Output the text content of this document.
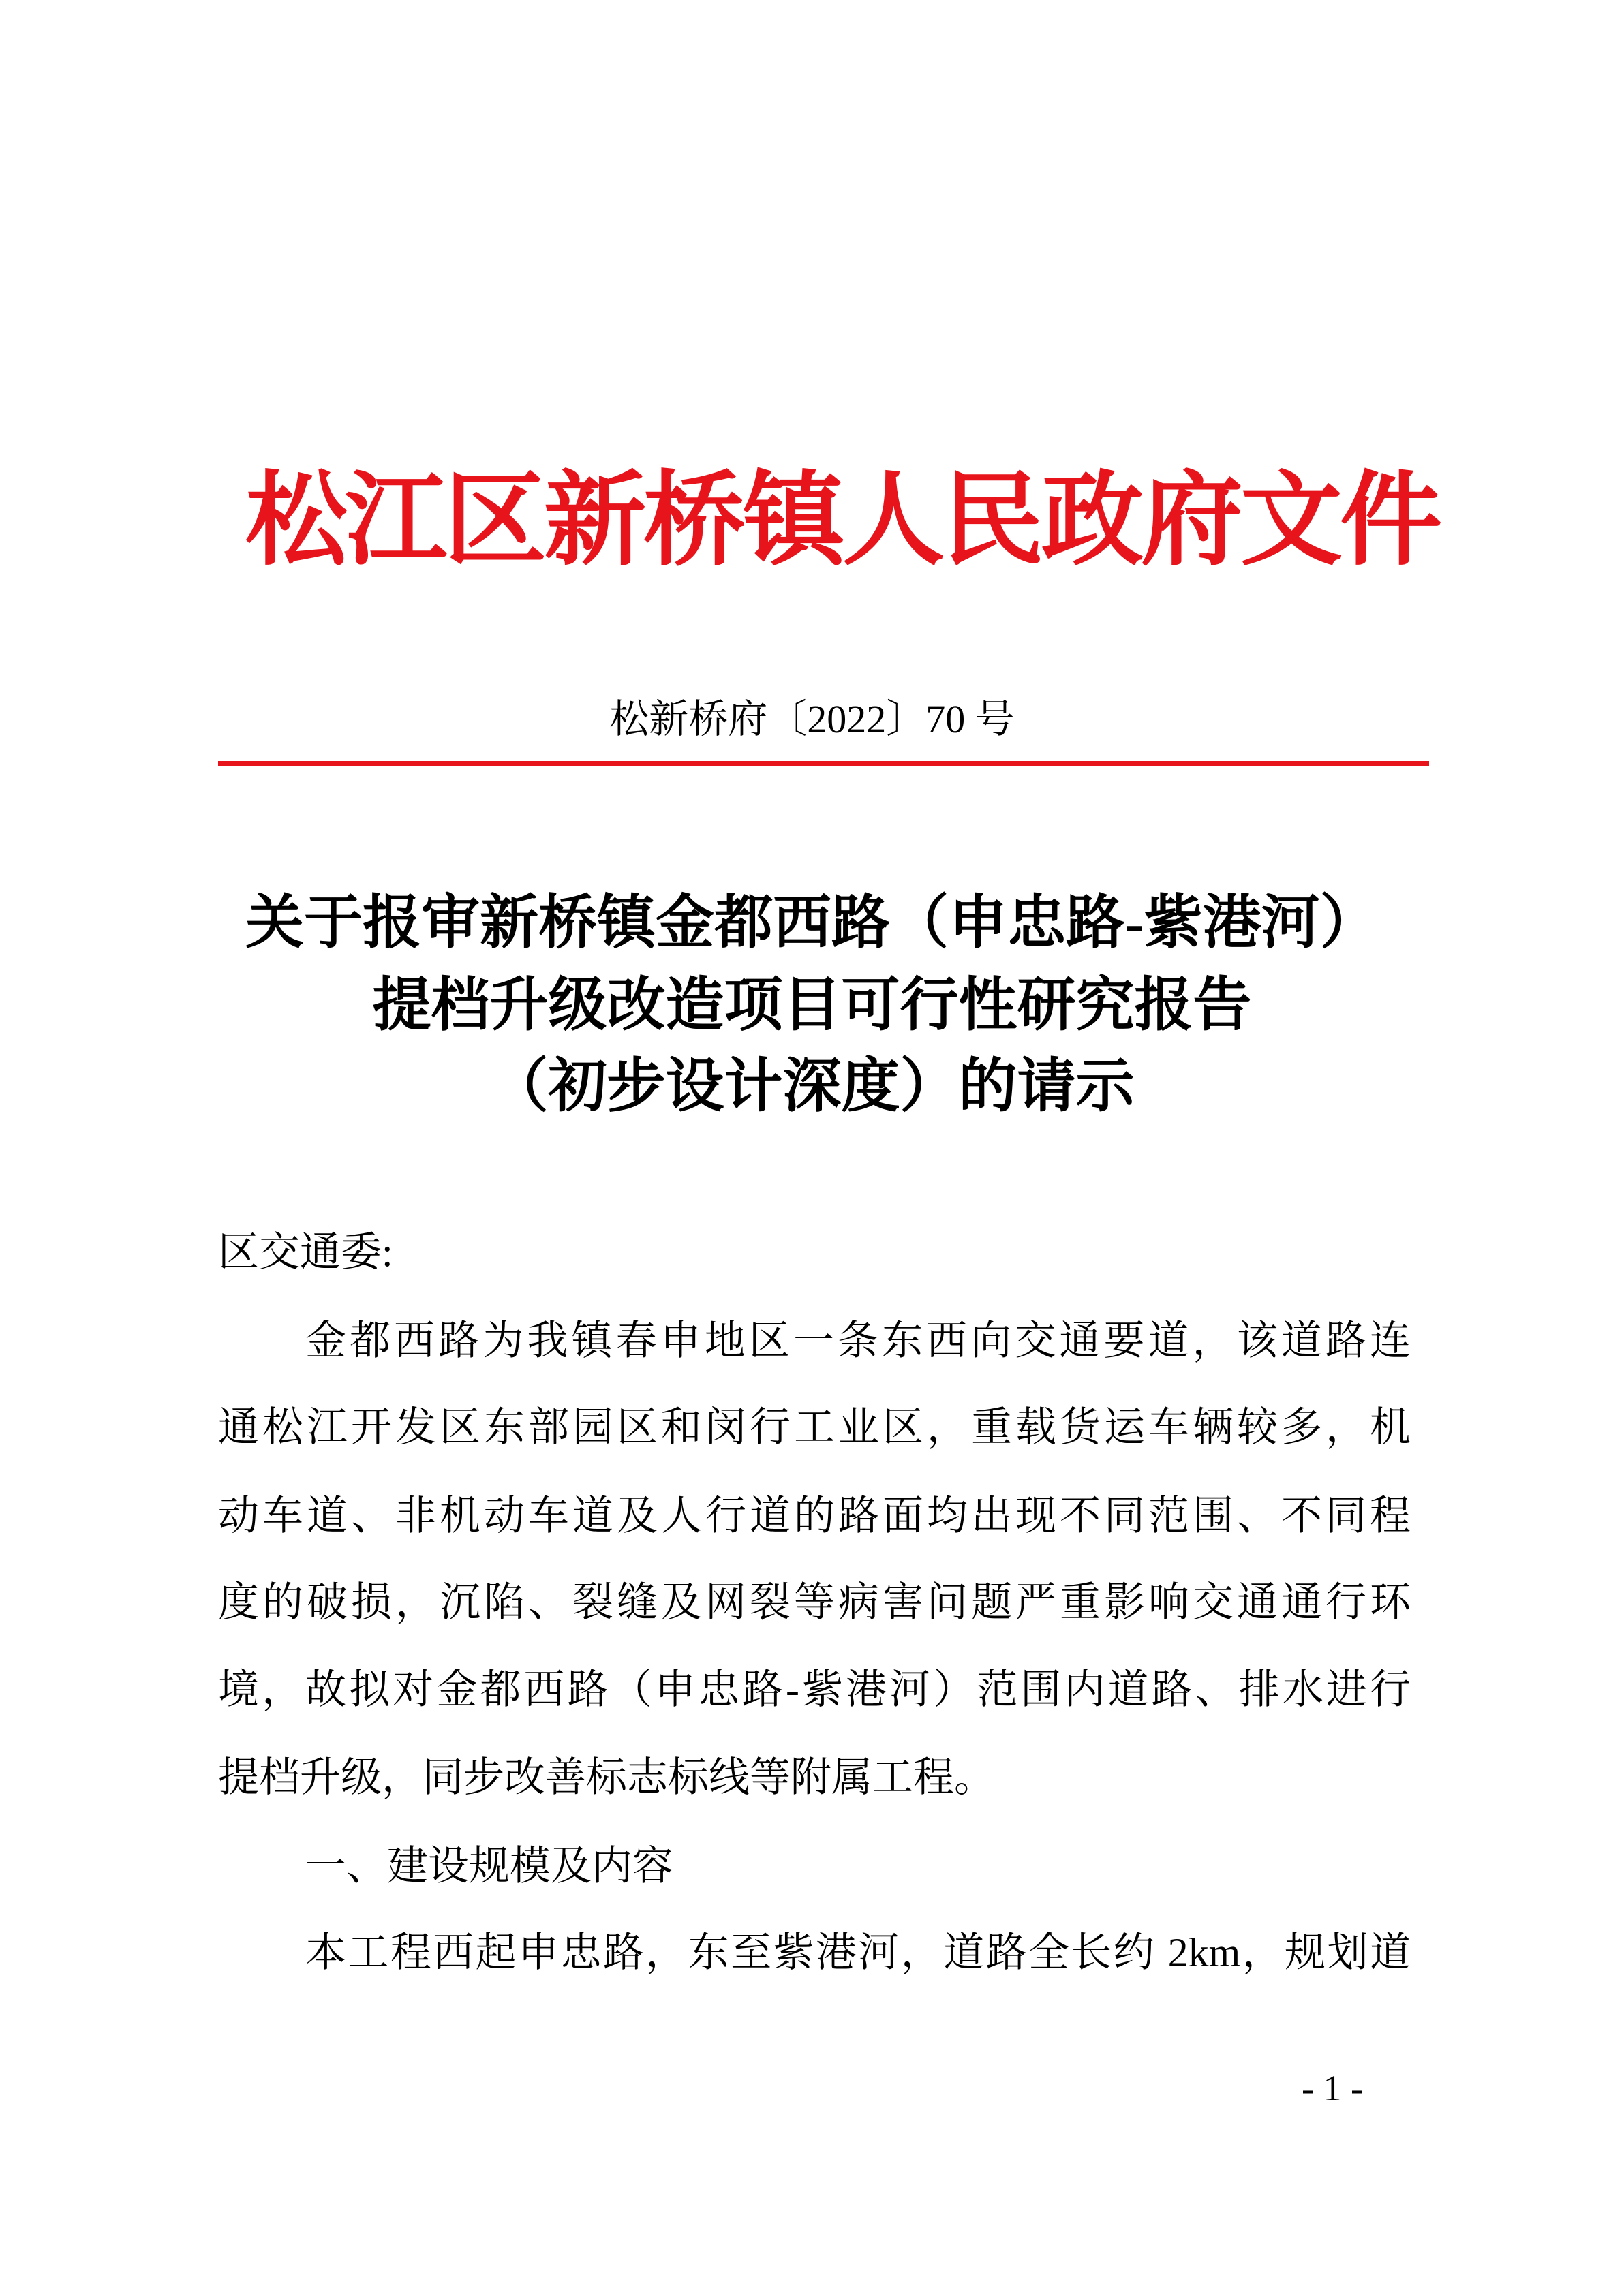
松江区新桥镇人民政府文件
松新桥府〔2022〕70 号
关于报审新桥镇金都西路（申忠路-紫港河）
提档升级改造项目可行性研究报告
（初步设计深度）的请示
区交通委:
金都西路为我镇春申地区一条东西向交通要道，该道路连
通松江开发区东部园区和闵行工业区，重载货运车辆较多，机
动车道、非机动车道及人行道的路面均出现不同范围、不同程
度的破损，沉陷、裂缝及网裂等病害问题严重影响交通通行环
境，故拟对金都西路（申忠路-紫港河）范围内道路、排水进行
提档升级，同步改善标志标线等附属工程。
一、建设规模及内容
本工程西起申忠路，东至紫港河，道路全长约 2km，规划道
- 1 -
